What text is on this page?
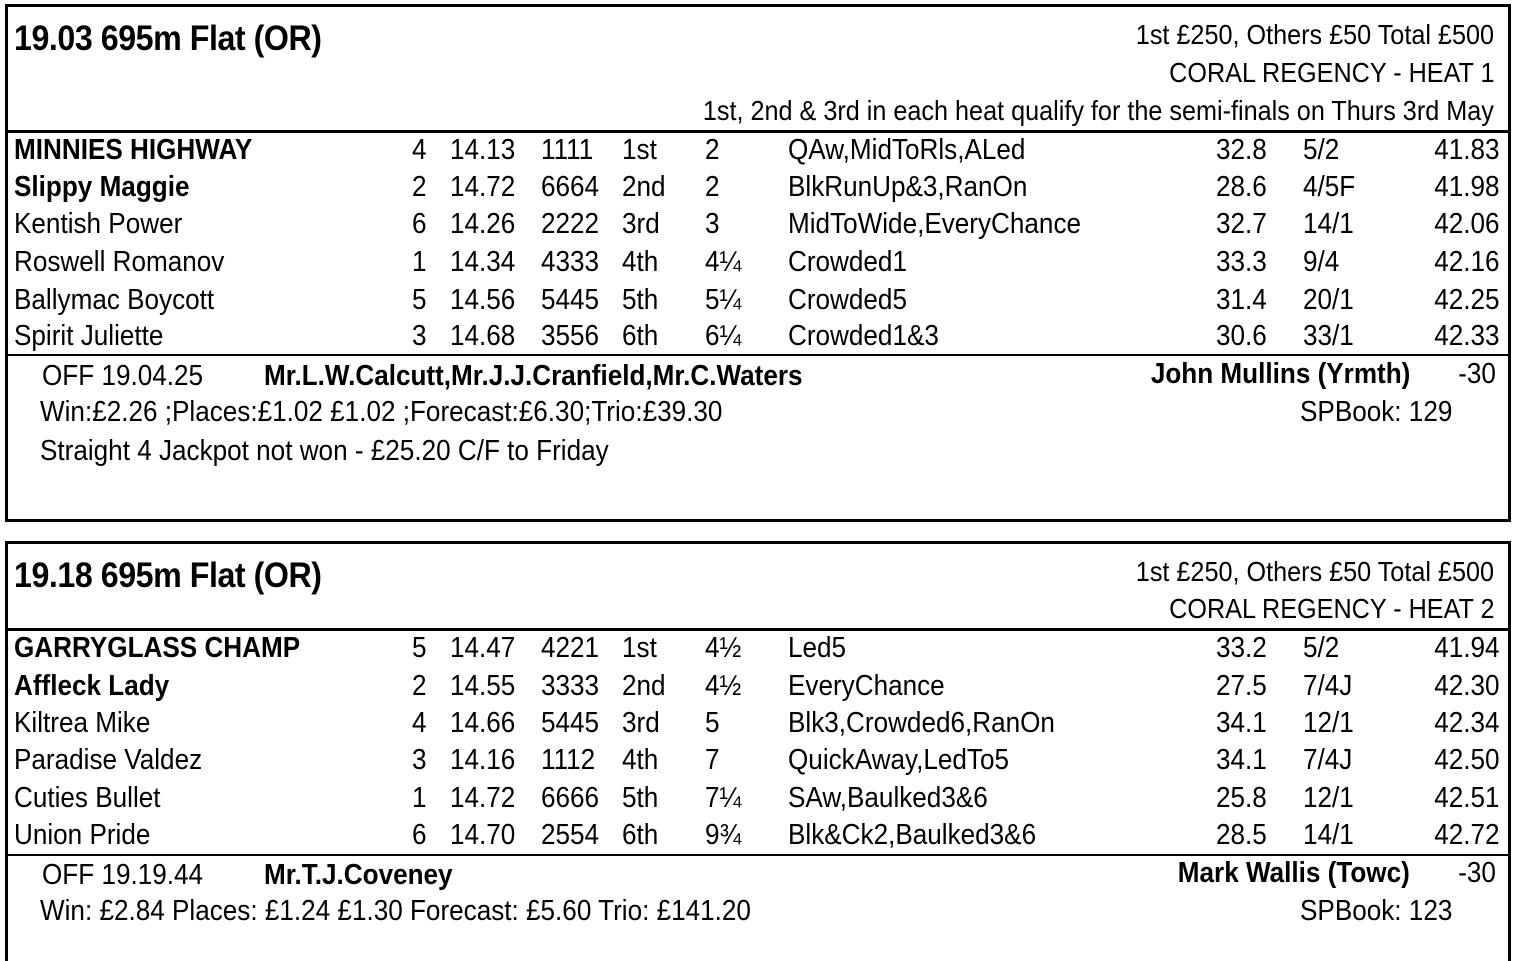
19.03 695m Flat (OR)	1st £250, Others £50 Total £500
CORAL REGENCY - HEAT 1
1st, 2nd & 3rd in each heat qualify for the semi-finals on Thurs 3rd May
MINNIES HIGHWAY	4 14.13 1111 1st 2 QAw,MidToRls,ALed	32.8 5/2	41.83
Slippy Maggie	2 14.72 6664 2nd 2 BlkRunUp&3,RanOn	28.6 4/5F	41.98
Kentish Power	6 14.26 2222 3rd 3 MidToWide,EveryChance	32.7 14/1	42.06
Roswell Romanov	1 14.34 4333 4th 4¼ Crowded1	33.3 9/4	42.16
Ballymac Boycott	5 14.56 5445 5th 5¼ Crowded5	31.4 20/1	42.25
Spirit Juliette	3 14.68 3556 6th 6¼ Crowded1&3	30.6 33/1	42.33
OFF 19.04.25 Mr.L.W.Calcutt,Mr.J.J.Cranfield,Mr.C.Waters	John Mullins (Yrmth) -30
Win:£2.26 ;Places:£1.02 £1.02 ;Forecast:£6.30;Trio:£39.30	SPBook: 129
Straight 4 Jackpot not won - £25.20 C/F to Friday
19.18 695m Flat (OR)	1st £250, Others £50 Total £500
CORAL REGENCY - HEAT 2
GARRYGLASS CHAMP	5 14.47 4221 1st 4½ Led5	33.2 5/2	41.94
Affleck Lady	2 14.55 3333 2nd 4½ EveryChance	27.5 7/4J	42.30
Kiltrea Mike	4 14.66 5445 3rd 5 Blk3,Crowded6,RanOn	34.1 12/1	42.34
Paradise Valdez	3 14.16 1112 4th 7 QuickAway,LedTo5	34.1 7/4J	42.50
Cuties Bullet	1 14.72 6666 5th 7¼ SAw,Baulked3&6	25.8 12/1	42.51
Union Pride	6 14.70 2554 6th 9¾ Blk&Ck2,Baulked3&6	28.5 14/1	42.72
OFF 19.19.44 Mr.T.J.Coveney	Mark Wallis (Towc) -30
Win: £2.84 Places: £1.24 £1.30 Forecast: £5.60 Trio: £141.20	SPBook: 123
